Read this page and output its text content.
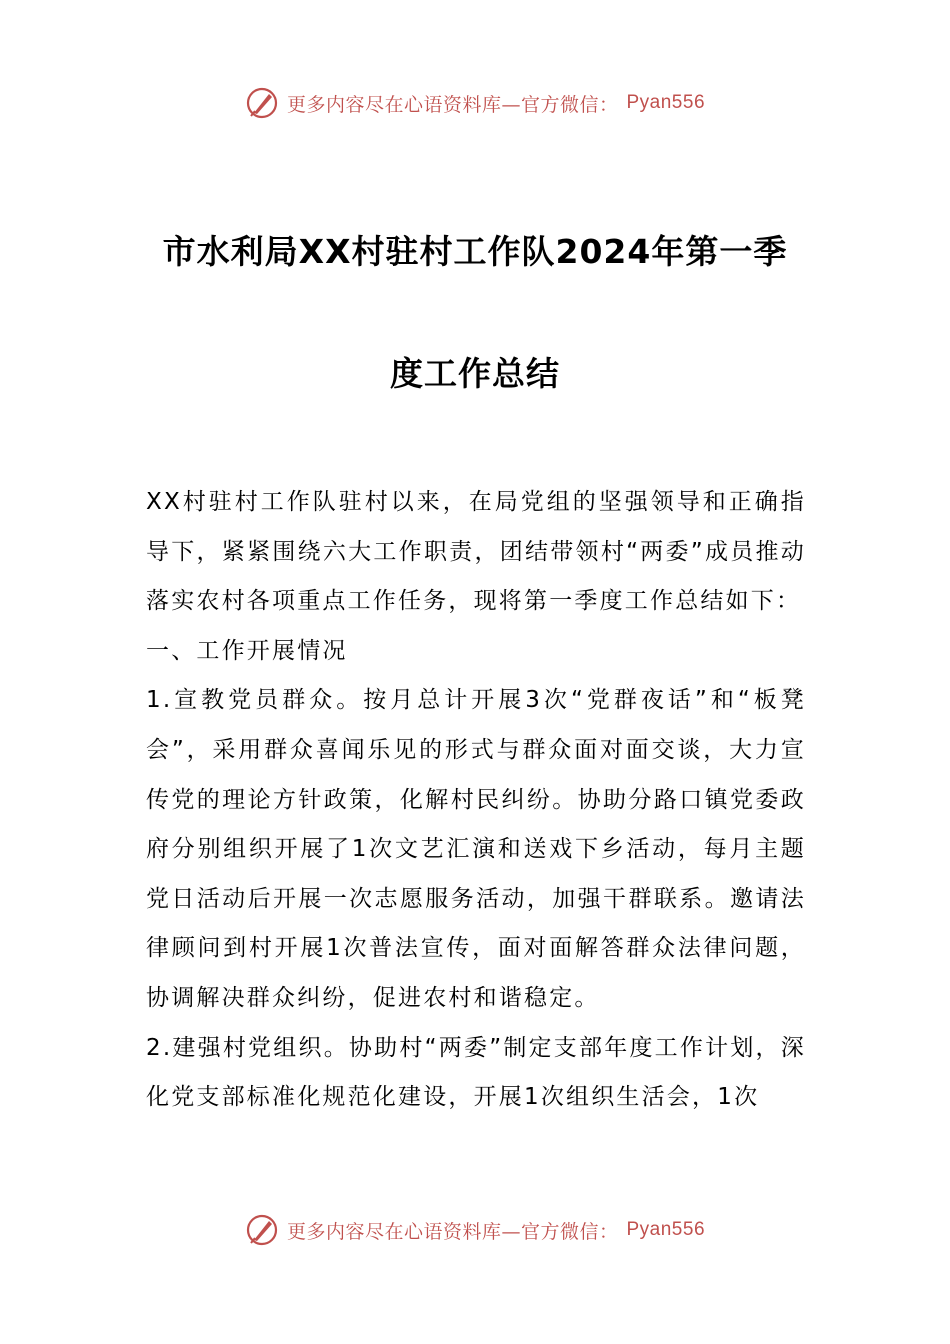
更多内容尽在心语资料库—官方微信： Pyan556
市水利局XX村驻村工作队2024年第一季
度工作总结

XX村驻村工作队驻村以来，在局党组的坚强领导和正确指导下，紧紧围绕六大工作职责，团结带领村“两委”成员推动落实农村各项重点工作任务，现将第一季度工作总结如下：

一、工作开展情况

1.宣教党员群众。按月总计开展3次“党群夜话”和“板凳会”，采用群众喜闻乐见的形式与群众面对面交谈，大力宣传党的理论方针政策，化解村民纠纷。协助分路口镇党委政府分别组织开展了1次文艺汇演和送戏下乡活动，每月主题党日活动后开展一次志愿服务活动，加强干群联系。邀请法律顾问到村开展1次普法宣传，面对面解答群众法律问题，协调解决群众纠纷，促进农村和谐稳定。

2.建强村党组织。协助村“两委”制定支部年度工作计划，深化党支部标准化规范化建设，开展1次组织生活会，1次

更多内容尽在心语资料库—官方微信： Pyan556
